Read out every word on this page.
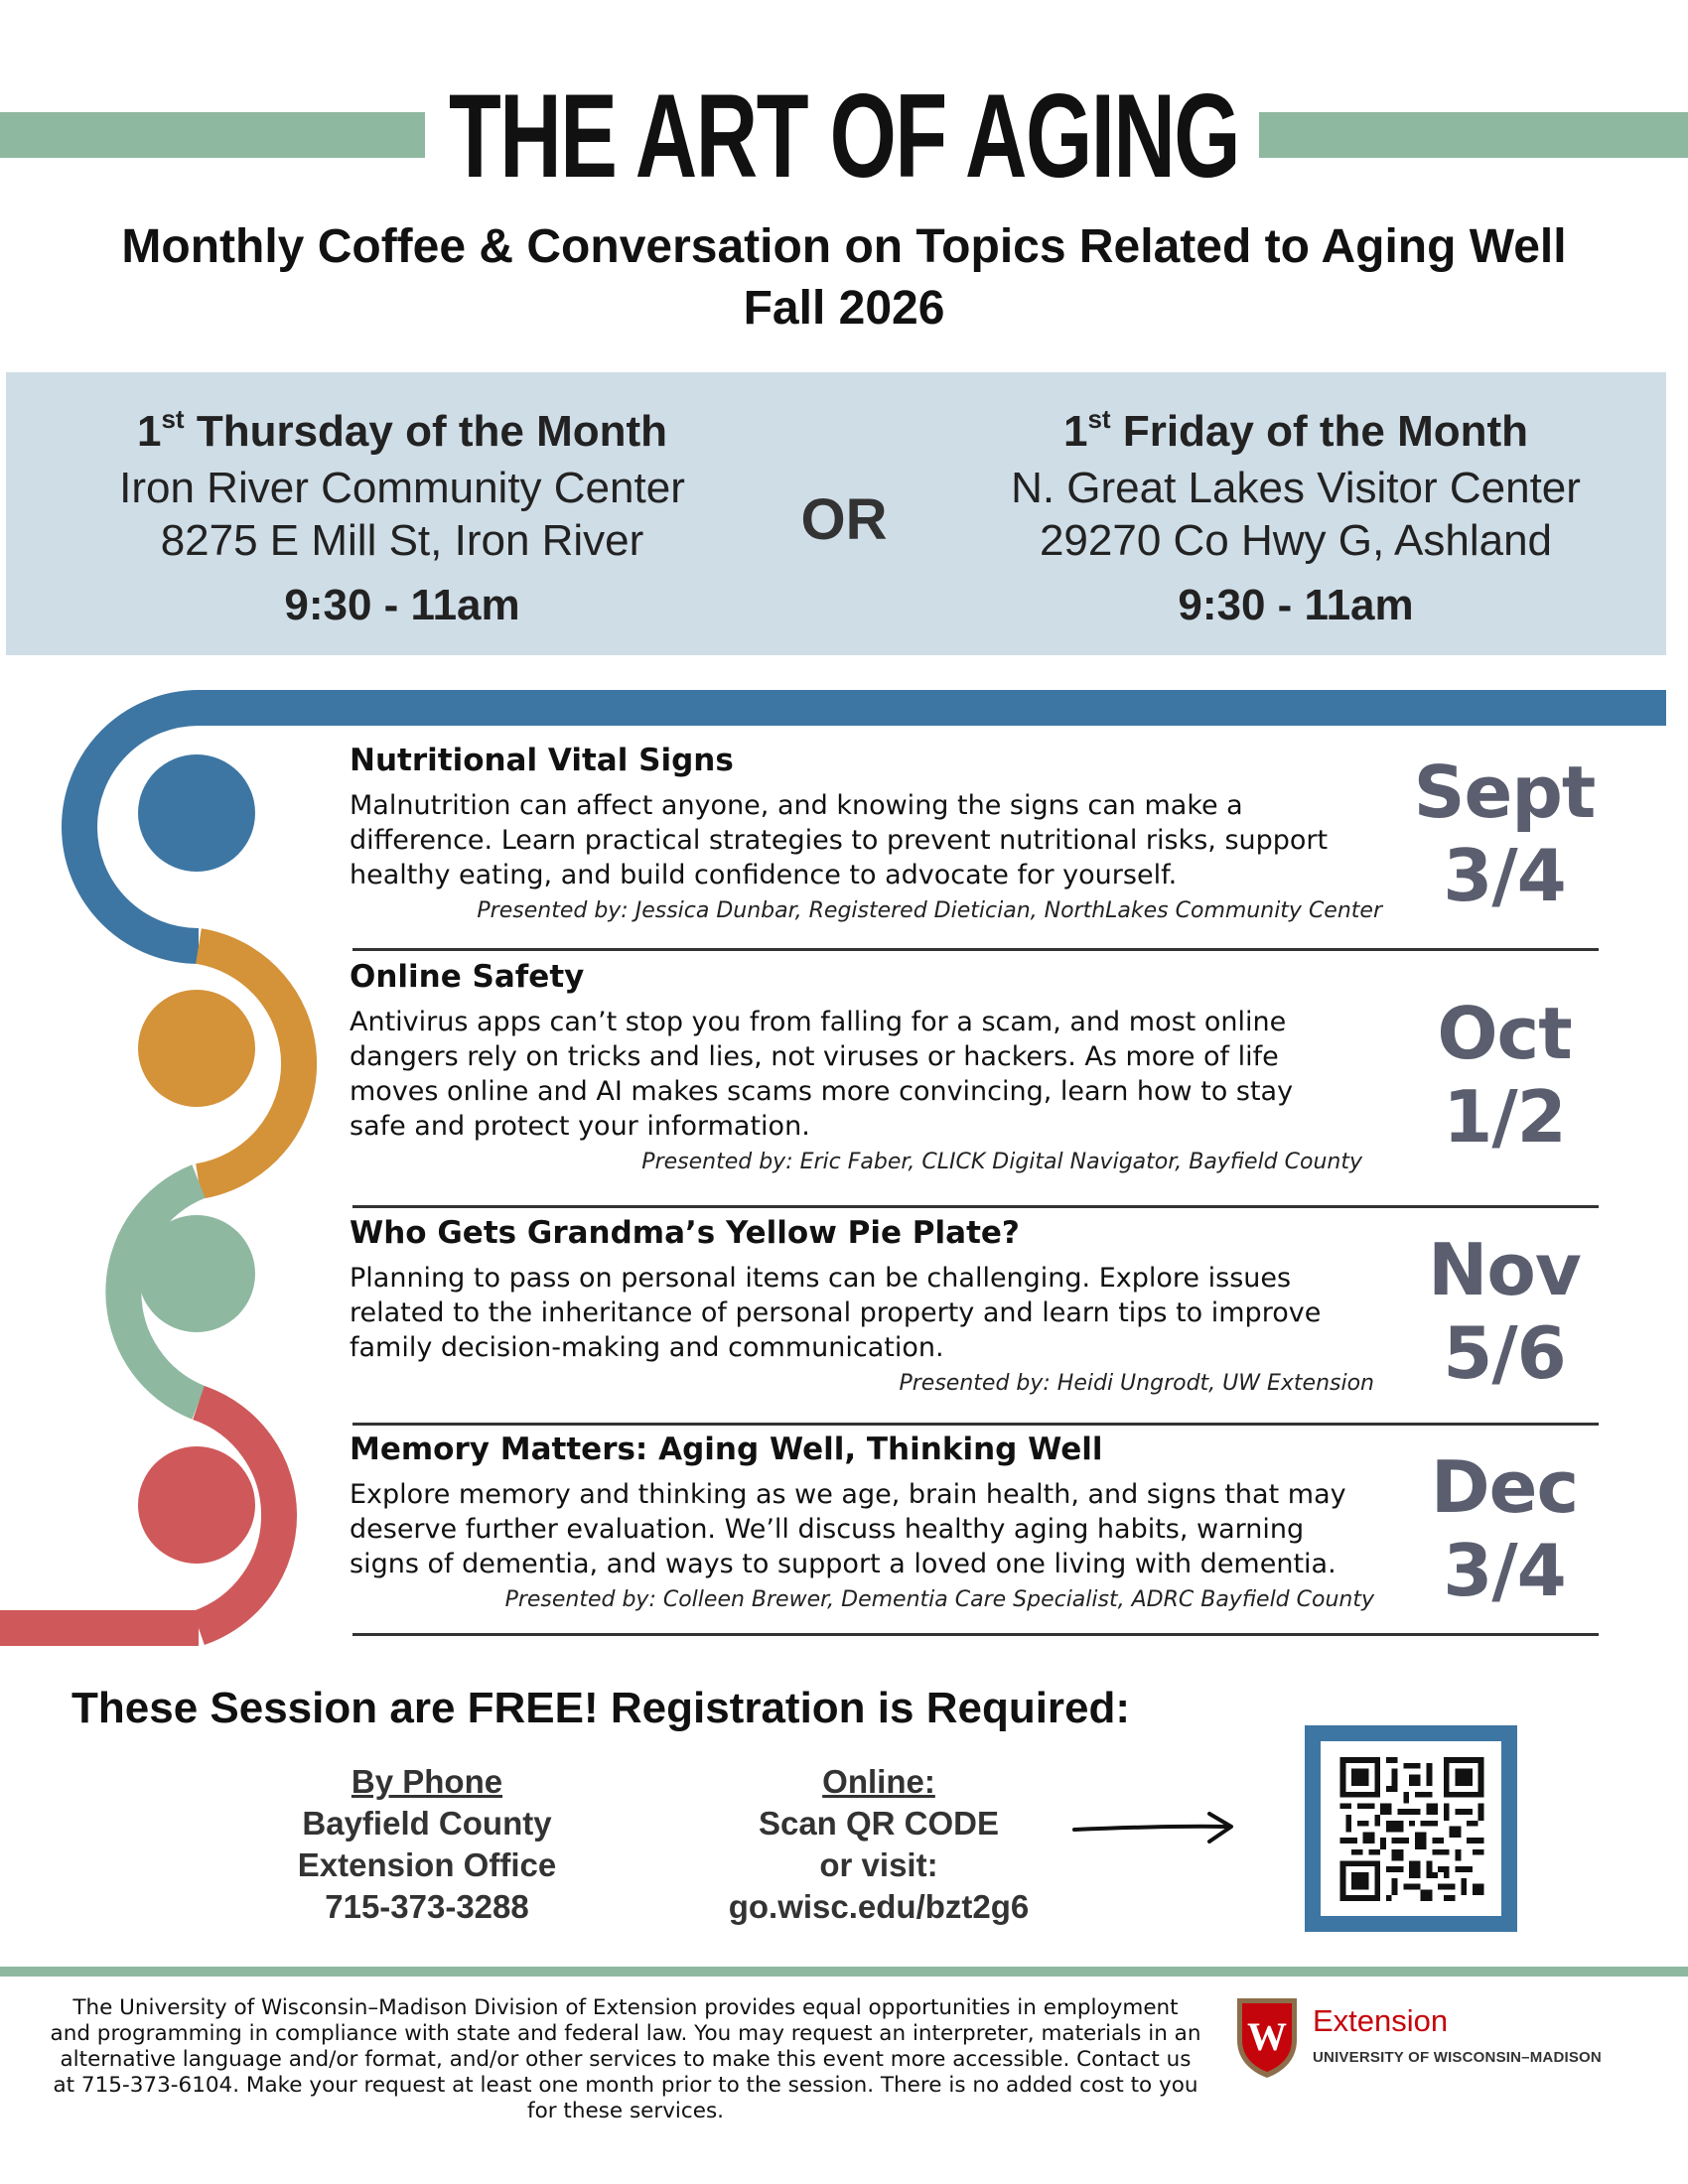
THE ART OF AGING
Monthly Coffee & Conversation on Topics Related to Aging Well
Fall 2026
1st Thursday of the Month
Iron River Community Center
8275 E Mill St, Iron River
9:30 - 11am
OR
1st Friday of the Month
N. Great Lakes Visitor Center
29270 Co Hwy G, Ashland
9:30 - 11am
Nutritional Vital Signs
Malnutrition can affect anyone, and knowing the signs can make a difference. Learn practical strategies to prevent nutritional risks, support healthy eating, and build confidence to advocate for yourself.
Presented by: Jessica Dunbar, Registered Dietician, NorthLakes Community Center
Sept
3/4
Online Safety
Antivirus apps can’t stop you from falling for a scam, and most online dangers rely on tricks and lies, not viruses or hackers. As more of life moves online and AI makes scams more convincing, learn how to stay safe and protect your information.
Presented by: Eric Faber, CLICK Digital Navigator, Bayfield County
Oct
1/2
Who Gets Grandma’s Yellow Pie Plate?
Planning to pass on personal items can be challenging. Explore issues related to the inheritance of personal property and learn tips to improve family decision-making and communication.
Presented by: Heidi Ungrodt, UW Extension
Nov
5/6
Memory Matters: Aging Well, Thinking Well
Explore memory and thinking as we age, brain health, and signs that may deserve further evaluation. We’ll discuss healthy aging habits, warning signs of dementia, and ways to support a loved one living with dementia.
Presented by: Colleen Brewer, Dementia Care Specialist, ADRC Bayfield County
Dec
3/4
These Session are FREE! Registration is Required:
By Phone
Bayfield County
Extension Office
715-373-3288
Online:
Scan QR CODE
or visit:
go.wisc.edu/bzt2g6
The University of Wisconsin–Madison Division of Extension provides equal opportunities in employment and programming in compliance with state and federal law. You may request an interpreter, materials in an alternative language and/or format, and/or other services to make this event more accessible. Contact us at 715-373-6104. Make your request at least one month prior to the session. There is no added cost to you for these services.
W Extension
UNIVERSITY OF WISCONSIN–MADISON
